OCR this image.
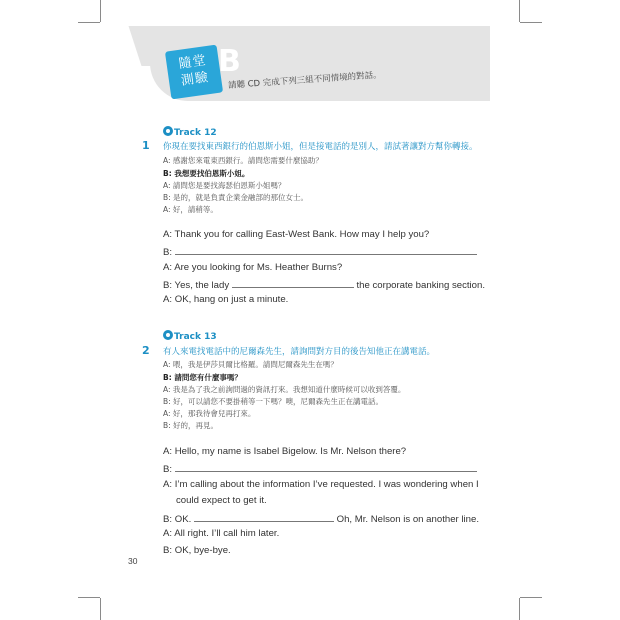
隨堂
測驗
B
請聽 CD 完成下列三組不同情境的對話。
Track 12
1 你現在要找東西銀行的伯恩斯小姐，但是接電話的是別人，請試著讓對方幫你轉接。
A: 感謝您來電東西銀行。請問您需要什麼協助？
B: 我想要找伯恩斯小姐。
A: 請問您是要找海瑟伯恩斯小姐嗎？
B: 是的，就是負責企業金融部的那位女士。
A: 好，請稍等。
A: Thank you for calling East-West Bank. How may I help you?
B:
A: Are you looking for Ms. Heather Burns?
B: Yes, the lady	the corporate banking section.
A: OK, hang on just a minute.
Track 13
2 有人來電找電話中的尼爾森先生，請詢問對方目的後告知他正在講電話。
A: 喂，我是伊莎貝爾比格羅。請問尼爾森先生在嗎？
B: 請問您有什麼事嗎？
A: 我是為了我之前詢問過的資訊打來。我想知道什麼時候可以收到答覆。
B: 好，可以請您不要掛稍等一下嗎？噢，尼爾森先生正在講電話。
A: 好，那我待會兒再打來。
B: 好的，再見。
A: Hello, my name is Isabel Bigelow. Is Mr. Nelson there?
B:
A: I’m calling about the information I’ve requested. I was wondering when I
could expect to get it.
B: OK.	Oh, Mr. Nelson is on another line.
A: All right. I’ll call him later.
B: OK, bye-bye.
30
